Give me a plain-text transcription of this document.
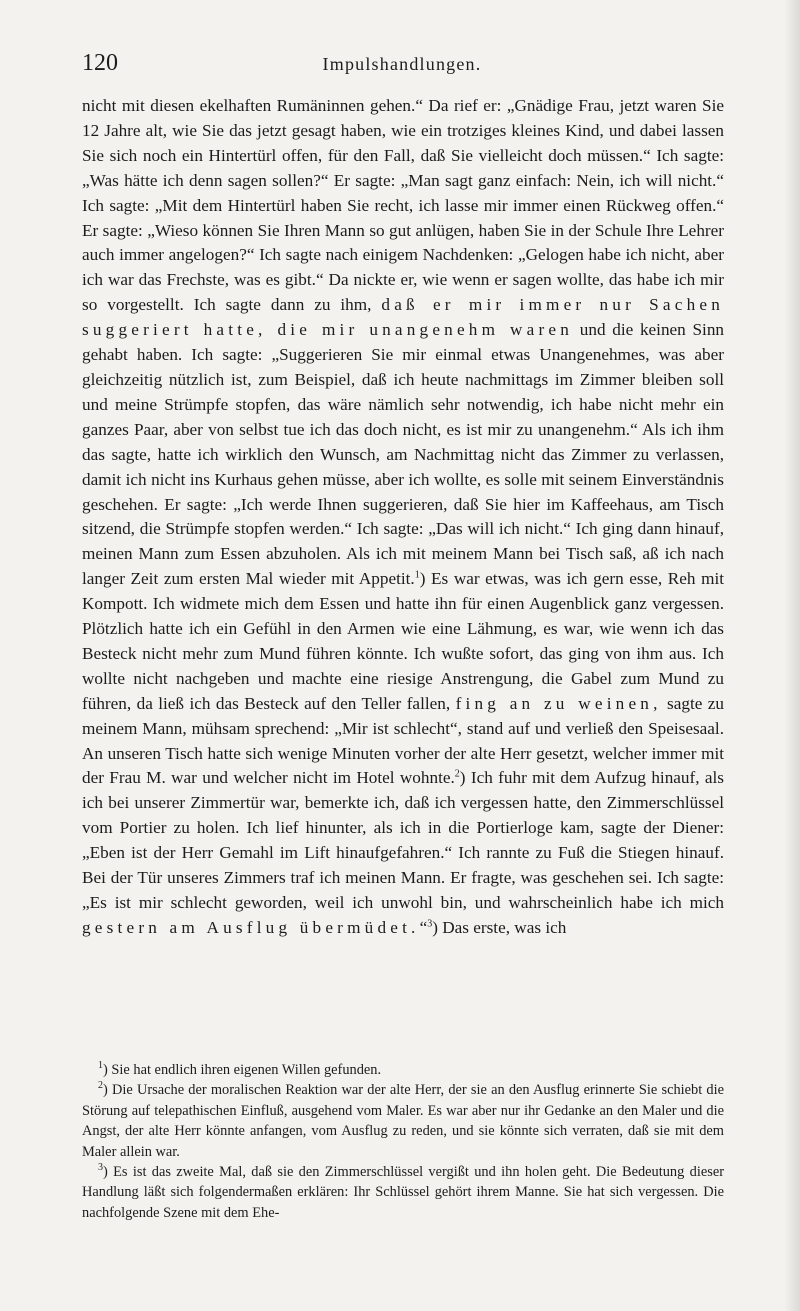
120	Impulshandlungen.

nicht mit diesen ekelhaften Rumäninnen gehen.“ Da rief er: „Gnädige Frau, jetzt waren Sie 12 Jahre alt, wie Sie das jetzt gesagt haben, wie ein trotziges kleines Kind, und dabei lassen Sie sich noch ein Hintertürl offen, für den Fall, daß Sie vielleicht doch müssen.“ Ich sagte: „Was hätte ich denn sagen sollen?“ Er sagte: „Man sagt ganz einfach: Nein, ich will nicht.“ Ich sagte: „Mit dem Hintertürl haben Sie recht, ich lasse mir immer einen Rückweg offen.“ Er sagte: „Wieso können Sie Ihren Mann so gut anlügen, haben Sie in der Schule Ihre Lehrer auch immer angelogen?“ Ich sagte nach einigem Nachdenken: „Gelogen habe ich nicht, aber ich war das Frechste, was es gibt.“ Da nickte er, wie wenn er sagen wollte, das habe ich mir so vorgestellt. Ich sagte dann zu ihm, daß er mir immer nur Sachen suggeriert hatte, die mir unangenehm waren und die keinen Sinn gehabt haben. Ich sagte: „Suggerieren Sie mir einmal etwas Unangenehmes, was aber gleichzeitig nützlich ist, zum Beispiel, daß ich heute nachmittags im Zimmer bleiben soll und meine Strümpfe stopfen, das wäre nämlich sehr notwendig, ich habe nicht mehr ein ganzes Paar, aber von selbst tue ich das doch nicht, es ist mir zu unangenehm.“ Als ich ihm das sagte, hatte ich wirklich den Wunsch, am Nachmittag nicht das Zimmer zu verlassen, damit ich nicht ins Kurhaus gehen müsse, aber ich wollte, es solle mit seinem Einverständnis geschehen. Er sagte: „Ich werde Ihnen suggerieren, daß Sie hier im Kaffeehaus, am Tisch sitzend, die Strümpfe stopfen werden.“ Ich sagte: „Das will ich nicht.“ Ich ging dann hinauf, meinen Mann zum Essen abzuholen. Als ich mit meinem Mann bei Tisch saß, aß ich nach langer Zeit zum ersten Mal wieder mit Appetit.$^1$) Es war etwas, was ich gern esse, Reh mit Kompott. Ich widmete mich dem Essen und hatte ihn für einen Augenblick ganz vergessen. Plötzlich hatte ich ein Gefühl in den Armen wie eine Lähmung, es war, wie wenn ich das Besteck nicht mehr zum Mund führen könnte. Ich wußte sofort, das ging von ihm aus. Ich wollte nicht nachgeben und machte eine riesige Anstrengung, die Gabel zum Mund zu führen, da ließ ich das Besteck auf den Teller fallen, fing an zu weinen, sagte zu meinem Mann, mühsam sprechend: „Mir ist schlecht“, stand auf und verließ den Speisesaal. An unseren Tisch hatte sich wenige Minuten vorher der alte Herr gesetzt, welcher immer mit der Frau M. war und welcher nicht im Hotel wohnte.$^2$) Ich fuhr mit dem Aufzug hinauf, als ich bei unserer Zimmertür war, bemerkte ich, daß ich vergessen hatte, den Zimmerschlüssel vom Portier zu holen. Ich lief hinunter, als ich in die Portierloge kam, sagte der Diener: „Eben ist der Herr Gemahl im Lift hinaufgefahren.“ Ich rannte zu Fuß die Stiegen hinauf. Bei der Tür unseres Zimmers traf ich meinen Mann. Er fragte, was geschehen sei. Ich sagte: „Es ist mir schlecht geworden, weil ich unwohl bin, und wahrscheinlich habe ich mich gestern am Ausflug übermüdet.“$^3$) Das erste, was ich

$^1$) Sie hat endlich ihren eigenen Willen gefunden.

$^2$) Die Ursache der moralischen Reaktion war der alte Herr, der sie an den Ausflug erinnerte Sie schiebt die Störung auf telepathischen Einfluß, ausgehend vom Maler. Es war aber nur ihr Gedanke an den Maler und die Angst, der alte Herr könnte anfangen, vom Ausflug zu reden, und sie könnte sich verraten, daß sie mit dem Maler allein war.

$^3$) Es ist das zweite Mal, daß sie den Zimmerschlüssel vergißt und ihn holen geht. Die Bedeutung dieser Handlung läßt sich folgendermaßen erklären: Ihr Schlüssel gehört ihrem Manne. Sie hat sich vergessen. Die nachfolgende Szene mit dem Ehe-
